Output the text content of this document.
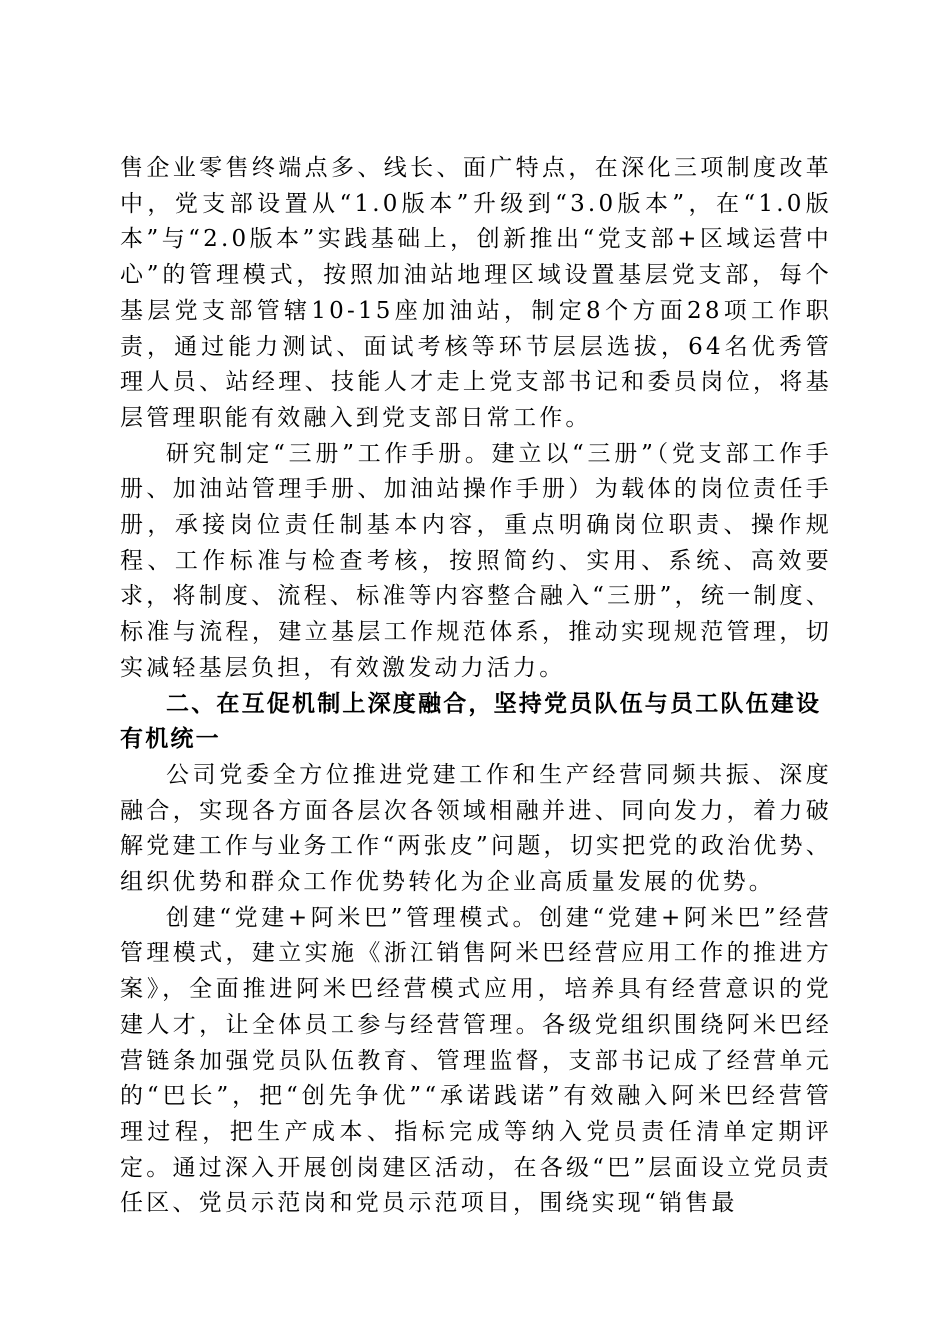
售企业零售终端点多、线长、面广特点，在深化三项制度改革中，党支部设置从“1.0版本”升级到“3.0版本”，在“1.0版本”与“2.0版本”实践基础上，创新推出“党支部+区域运营中心”的管理模式，按照加油站地理区域设置基层党支部，每个基层党支部管辖10-15座加油站，制定8个方面28项工作职责，通过能力测试、面试考核等环节层层选拔，64名优秀管理人员、站经理、技能人才走上党支部书记和委员岗位，将基层管理职能有效融入到党支部日常工作。

研究制定“三册”工作手册。建立以“三册”（党支部工作手册、加油站管理手册、加油站操作手册）为载体的岗位责任手册，承接岗位责任制基本内容，重点明确岗位职责、操作规程、工作标准与检查考核，按照简约、实用、系统、高效要求，将制度、流程、标准等内容整合融入“三册”，统一制度、标准与流程，建立基层工作规范体系，推动实现规范管理，切实减轻基层负担，有效激发动力活力。

二、在互促机制上深度融合，坚持党员队伍与员工队伍建设有机统一

公司党委全方位推进党建工作和生产经营同频共振、深度融合，实现各方面各层次各领域相融并进、同向发力，着力破解党建工作与业务工作“两张皮”问题，切实把党的政治优势、组织优势和群众工作优势转化为企业高质量发展的优势。

创建“党建+阿米巴”管理模式。创建“党建+阿米巴”经营管理模式，建立实施《浙江销售阿米巴经营应用工作的推进方案》，全面推进阿米巴经营模式应用，培养具有经营意识的党建人才，让全体员工参与经营管理。各级党组织围绕阿米巴经营链条加强党员队伍教育、管理监督，支部书记成了经营单元的“巴长”，把“创先争优”“承诺践诺”有效融入阿米巴经营管理过程，把生产成本、指标完成等纳入党员责任清单定期评定。通过深入开展创岗建区活动，在各级“巴”层面设立党员责任区、党员示范岗和党员示范项目，围绕实现“销售最
